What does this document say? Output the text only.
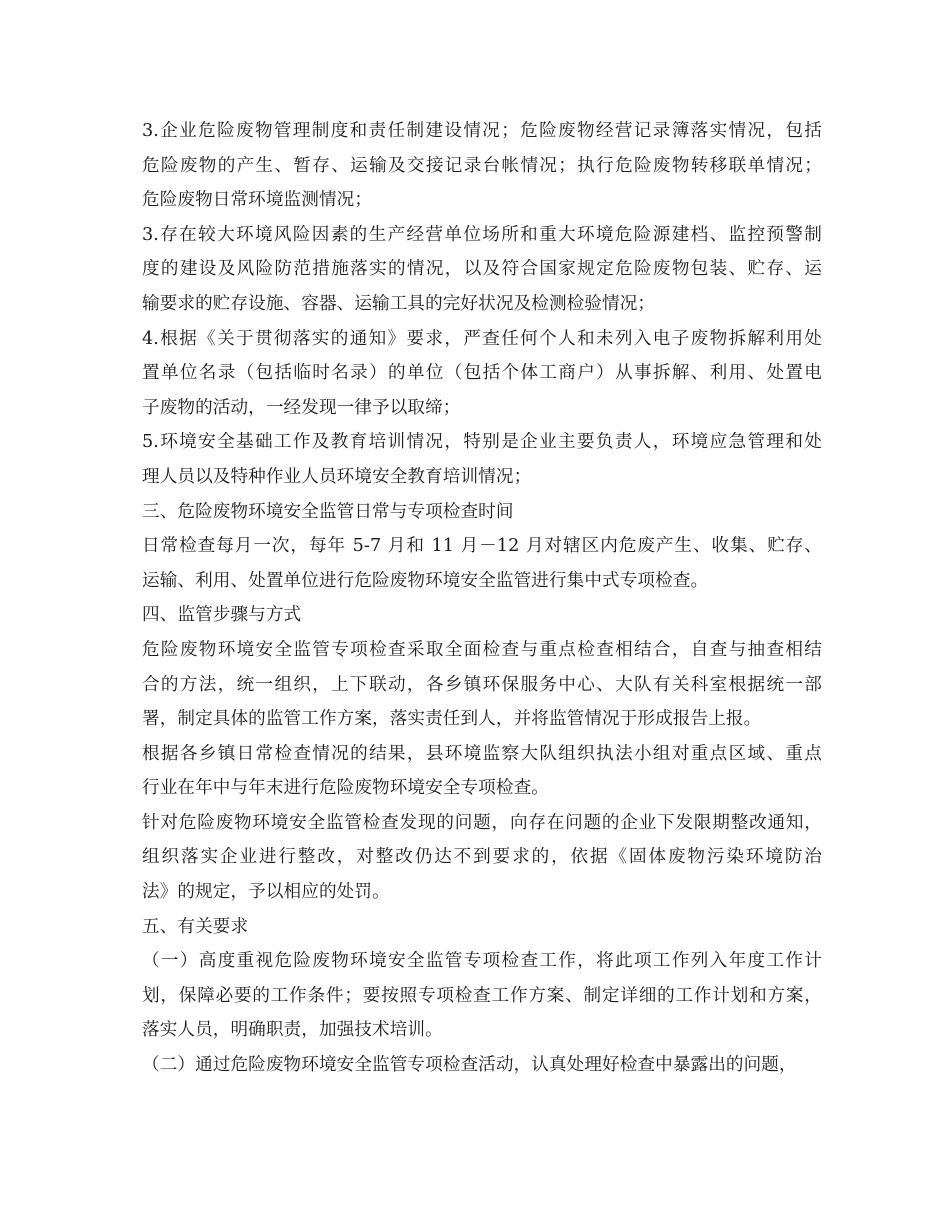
3.企业危险废物管理制度和责任制建设情况；危险废物经营记录簿落实情况，包括
危险废物的产生、暂存、运输及交接记录台帐情况；执行危险废物转移联单情况；
危险废物日常环境监测情况；

3.存在较大环境风险因素的生产经营单位场所和重大环境危险源建档、监控预警制
度的建设及风险防范措施落实的情况，以及符合国家规定危险废物包装、贮存、运
输要求的贮存设施、容器、运输工具的完好状况及检测检验情况；

4.根据《关于贯彻落实的通知》要求，严查任何个人和未列入电子废物拆解利用处
置单位名录（包括临时名录）的单位（包括个体工商户）从事拆解、利用、处置电
子废物的活动，一经发现一律予以取缔；

5.环境安全基础工作及教育培训情况，特别是企业主要负责人，环境应急管理和处
理人员以及特种作业人员环境安全教育培训情况；

三、危险废物环境安全监管日常与专项检查时间

日常检查每月一次，每年 5-7 月和 11 月－12 月对辖区内危废产生、收集、贮存、
运输、利用、处置单位进行危险废物环境安全监管进行集中式专项检查。

四、监管步骤与方式

危险废物环境安全监管专项检查采取全面检查与重点检查相结合，自查与抽查相结
合的方法，统一组织，上下联动，各乡镇环保服务中心、大队有关科室根据统一部
署，制定具体的监管工作方案，落实责任到人，并将监管情况于形成报告上报。

根据各乡镇日常检查情况的结果，县环境监察大队组织执法小组对重点区域、重点
行业在年中与年末进行危险废物环境安全专项检查。

针对危险废物环境安全监管检查发现的问题，向存在问题的企业下发限期整改通知，
组织落实企业进行整改，对整改仍达不到要求的，依据《固体废物污染环境防治
法》的规定，予以相应的处罚。

五、有关要求

（一）高度重视危险废物环境安全监管专项检查工作，将此项工作列入年度工作计
划，保障必要的工作条件；要按照专项检查工作方案、制定详细的工作计划和方案，
落实人员，明确职责，加强技术培训。

（二）通过危险废物环境安全监管专项检查活动，认真处理好检查中暴露出的问题，
